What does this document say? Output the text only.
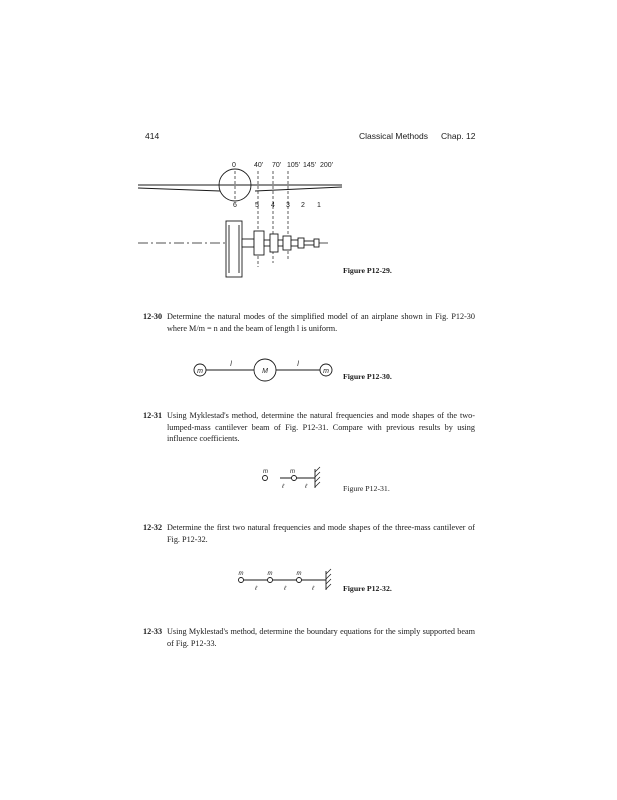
414	Classical Methods Chap. 12
0	40' 70' 105' 145' 200'
6	5 4 3 2 1
Figure P12-29.
12-30 Determine the natural modes of the simplified model of an airplane shown in Fig. P12-30 where M/m = n and the beam of length l is uniform.
m	M	m
l	l
Figure P12-30.
12-31 Using Myklestad's method, determine the natural frequencies and mode shapes of the two-lumped-mass cantilever beam of Fig. P12-31. Compare with previous results by using influence coefficients.
m	m
ℓ	ℓ	Figure P12-31.
12-32 Determine the first two natural frequencies and mode shapes of the three-mass cantilever of Fig. P12-32.
m	m	m
ℓ	ℓ	ℓ	Figure P12-32.
12-33 Using Myklestad's method, determine the boundary equations for the simply supported beam of Fig. P12-33.
